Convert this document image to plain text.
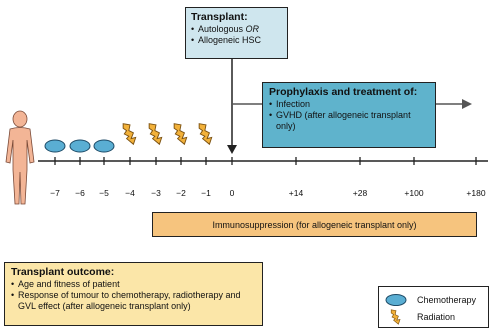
−7 −6 −5 −4 −3 −2 −1 0	+14	+28	+100	+180
Transplant:
• Autologous OR
• Allogeneic HSC
Prophylaxis and treatment of:
• Infection
• GVHD (after allogeneic transplant only)
Immunosuppression (for allogeneic transplant only)
Transplant outcome:
• Age and fitness of patient
• Response of tumour to chemotherapy, radiotherapy and GVL effect (after allogeneic transplant only)
Chemotherapy
Radiation
